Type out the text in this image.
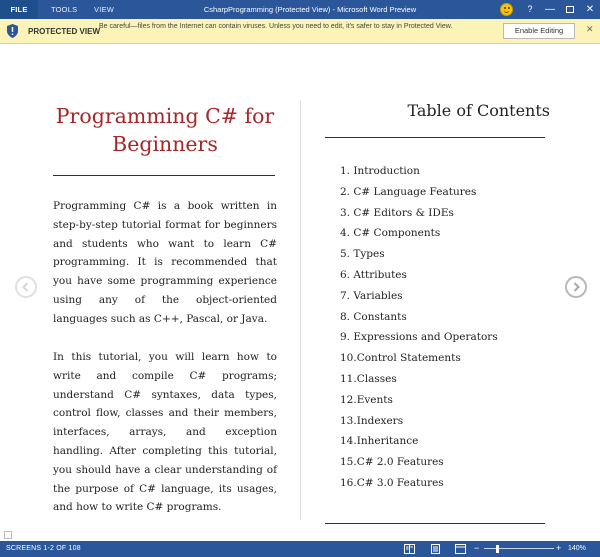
FILE	TOOLS VIEW	CsharpProgramming (Protected View) - Microsoft Word Preview	?	—	✕
PROTECTED VIEW
Be careful—files from the Internet can contain viruses. Unless you need to edit, it's safer to stay in Protected View.	Enable Editing	✕
Programming C# for Beginners

Programming C# is a book written in step-by-step tutorial format for beginners and students who want to learn C# programming. It is recommended that you have some programming experience using any of the object-oriented languages such as C++, Pascal, or Java.

In this tutorial, you will learn how to write and compile C# programs; understand C# syntaxes, data types, control flow, classes and their members, interfaces, arrays, and exception handling. After completing this tutorial, you should have a clear understanding of the purpose of C# language, its usages, and how to write C# programs.

Table of Contents
1. Introduction
2. C# Language Features
3. C# Editors & IDEs
4. C# Components
5. Types
6. Attributes
7. Variables
8. Constants
9. Expressions and Operators
10.Control Statements
11.Classes
12.Events
13.Indexers
14.Inheritance
15.C# 2.0 Features
16.C# 3.0 Features
SCREENS 1-2 OF 108	−	+ 140%
